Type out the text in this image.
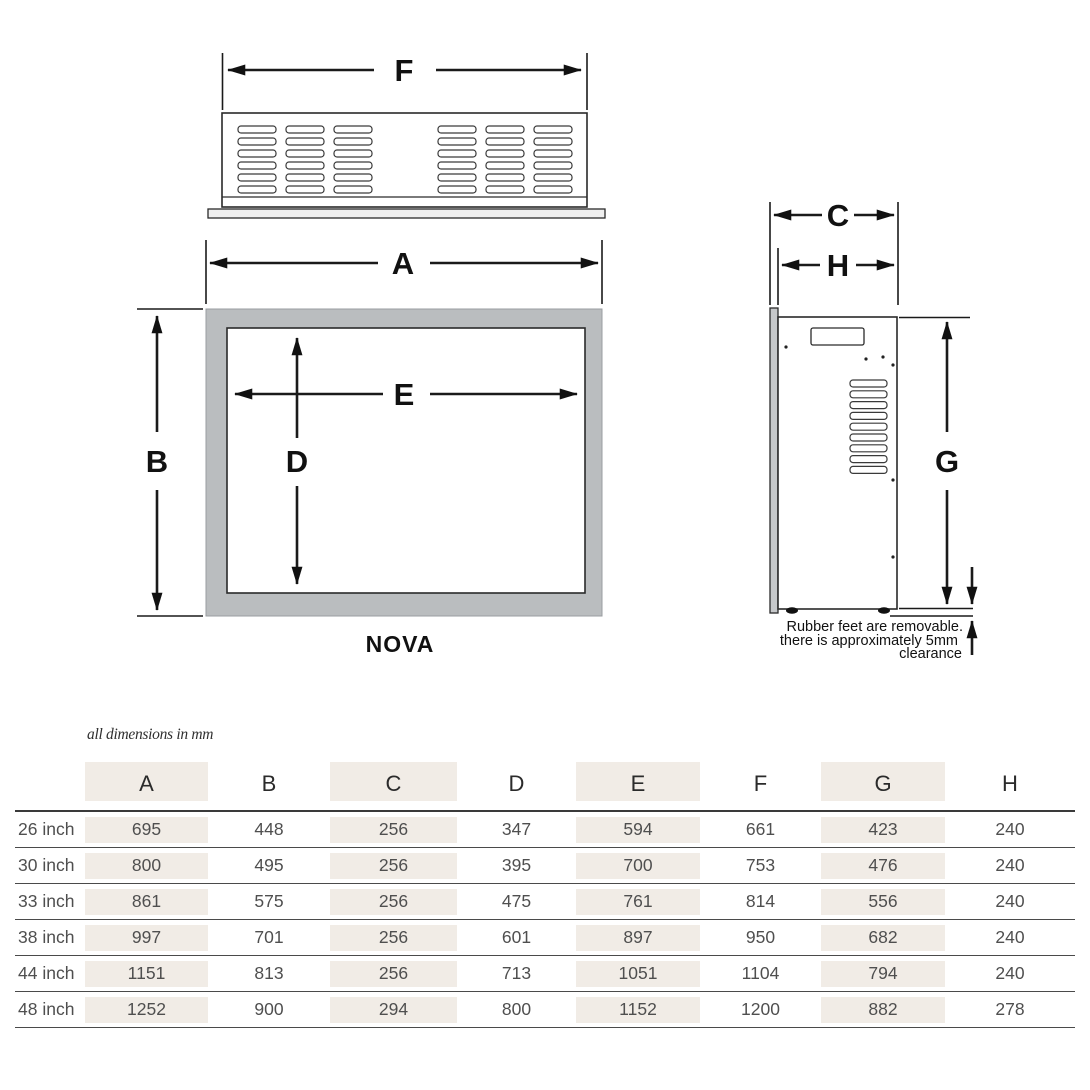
F
A
B
E
D
NOVA
C
H
G
Rubber feet are removable.
there is approximately 5mm
clearance
all dimensions in mm
	A	B	C	D	E	F	G	H
26 inch	695	448	256	347	594	661	423	240
30 inch	800	495	256	395	700	753	476	240
33 inch	861	575	256	475	761	814	556	240
38 inch	997	701	256	601	897	950	682	240
44 inch	1151	813	256	713	1051	1104	794	240
48 inch	1252	900	294	800	1152	1200	882	278
